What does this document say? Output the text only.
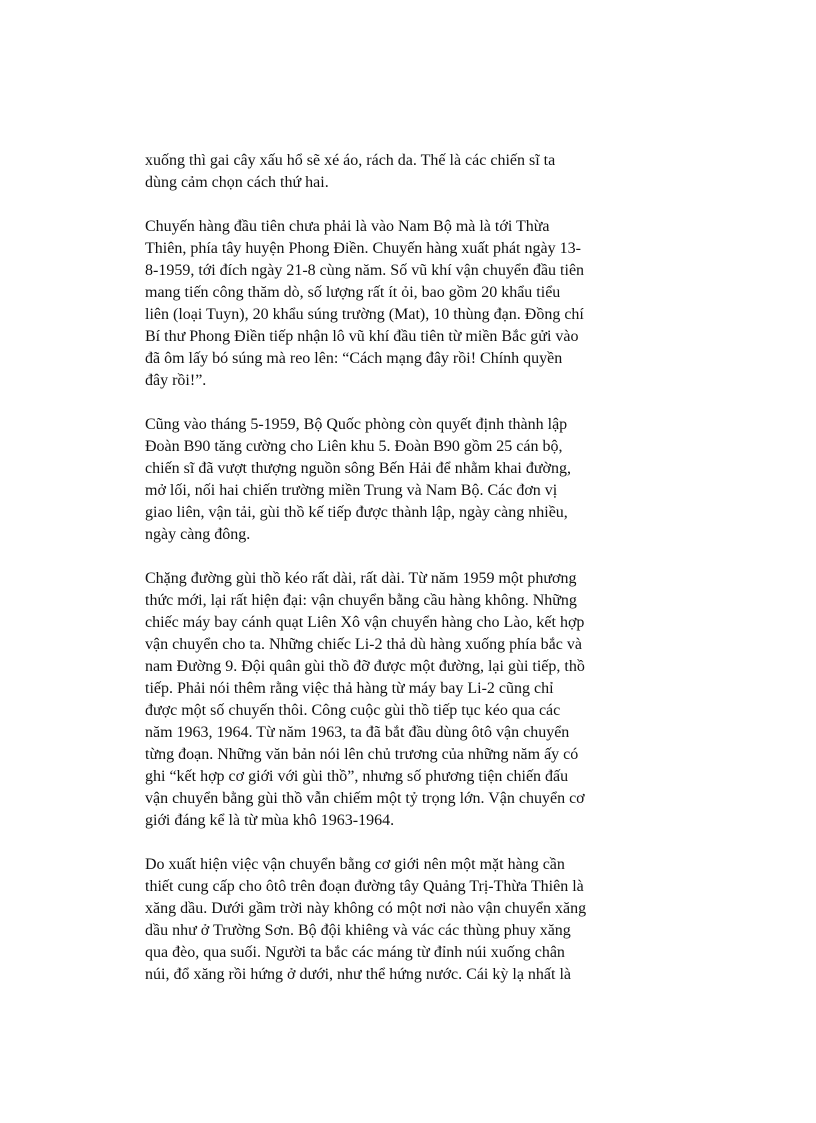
xuống thì gai cây xấu hổ sẽ xé áo, rách da. Thế là các chiến sĩ ta
dùng cảm chọn cách thứ hai.

Chuyến hàng đầu tiên chưa phải là vào Nam Bộ mà là tới Thừa
Thiên, phía tây huyện Phong Điền. Chuyến hàng xuất phát ngày 13-
8-1959, tới đích ngày 21-8 cùng năm. Số vũ khí vận chuyển đầu tiên
mang tiến công thăm dò, số lượng rất ít ỏi, bao gồm 20 khẩu tiểu
liên (loại Tuyn), 20 khẩu súng trường (Mat), 10 thùng đạn. Đồng chí
Bí thư Phong Điền tiếp nhận lô vũ khí đầu tiên từ miền Bắc gửi vào
đã ôm lấy bó súng mà reo lên: “Cách mạng đây rồi! Chính quyền
đây rồi!”.

Cũng vào tháng 5-1959, Bộ Quốc phòng còn quyết định thành lập
Đoàn B90 tăng cường cho Liên khu 5. Đoàn B90 gồm 25 cán bộ,
chiến sĩ đã vượt thượng nguồn sông Bến Hải để nhằm khai đường,
mở lối, nối hai chiến trường miền Trung và Nam Bộ. Các đơn vị
giao liên, vận tải, gùi thồ kế tiếp được thành lập, ngày càng nhiều,
ngày càng đông.

Chặng đường gùi thồ kéo rất dài, rất dài. Từ năm 1959 một phương
thức mới, lại rất hiện đại: vận chuyển bằng cầu hàng không. Những
chiếc máy bay cánh quạt Liên Xô vận chuyển hàng cho Lào, kết hợp
vận chuyển cho ta. Những chiếc Li-2 thả dù hàng xuống phía bắc và
nam Đường 9. Đội quân gùi thồ đỡ được một đường, lại gùi tiếp, thồ
tiếp. Phải nói thêm rằng việc thả hàng từ máy bay Li-2 cũng chỉ
được một số chuyến thôi. Công cuộc gùi thồ tiếp tục kéo qua các
năm 1963, 1964. Từ năm 1963, ta đã bắt đầu dùng ôtô vận chuyển
từng đoạn. Những văn bản nói lên chủ trương của những năm ấy có
ghi “kết hợp cơ giới với gùi thồ”, nhưng số phương tiện chiến đấu
vận chuyển bằng gùi thồ vẫn chiếm một tỷ trọng lớn. Vận chuyển cơ
giới đáng kể là từ mùa khô 1963-1964.

Do xuất hiện việc vận chuyển bằng cơ giới nên một mặt hàng cần
thiết cung cấp cho ôtô trên đoạn đường tây Quảng Trị-Thừa Thiên là
xăng dầu. Dưới gầm trời này không có một nơi nào vận chuyển xăng
dầu như ở Trường Sơn. Bộ đội khiêng và vác các thùng phuy xăng
qua đèo, qua suối. Người ta bắc các máng từ đỉnh núi xuống chân
núi, đổ xăng rồi hứng ở dưới, như thể hứng nước. Cái kỳ lạ nhất là
